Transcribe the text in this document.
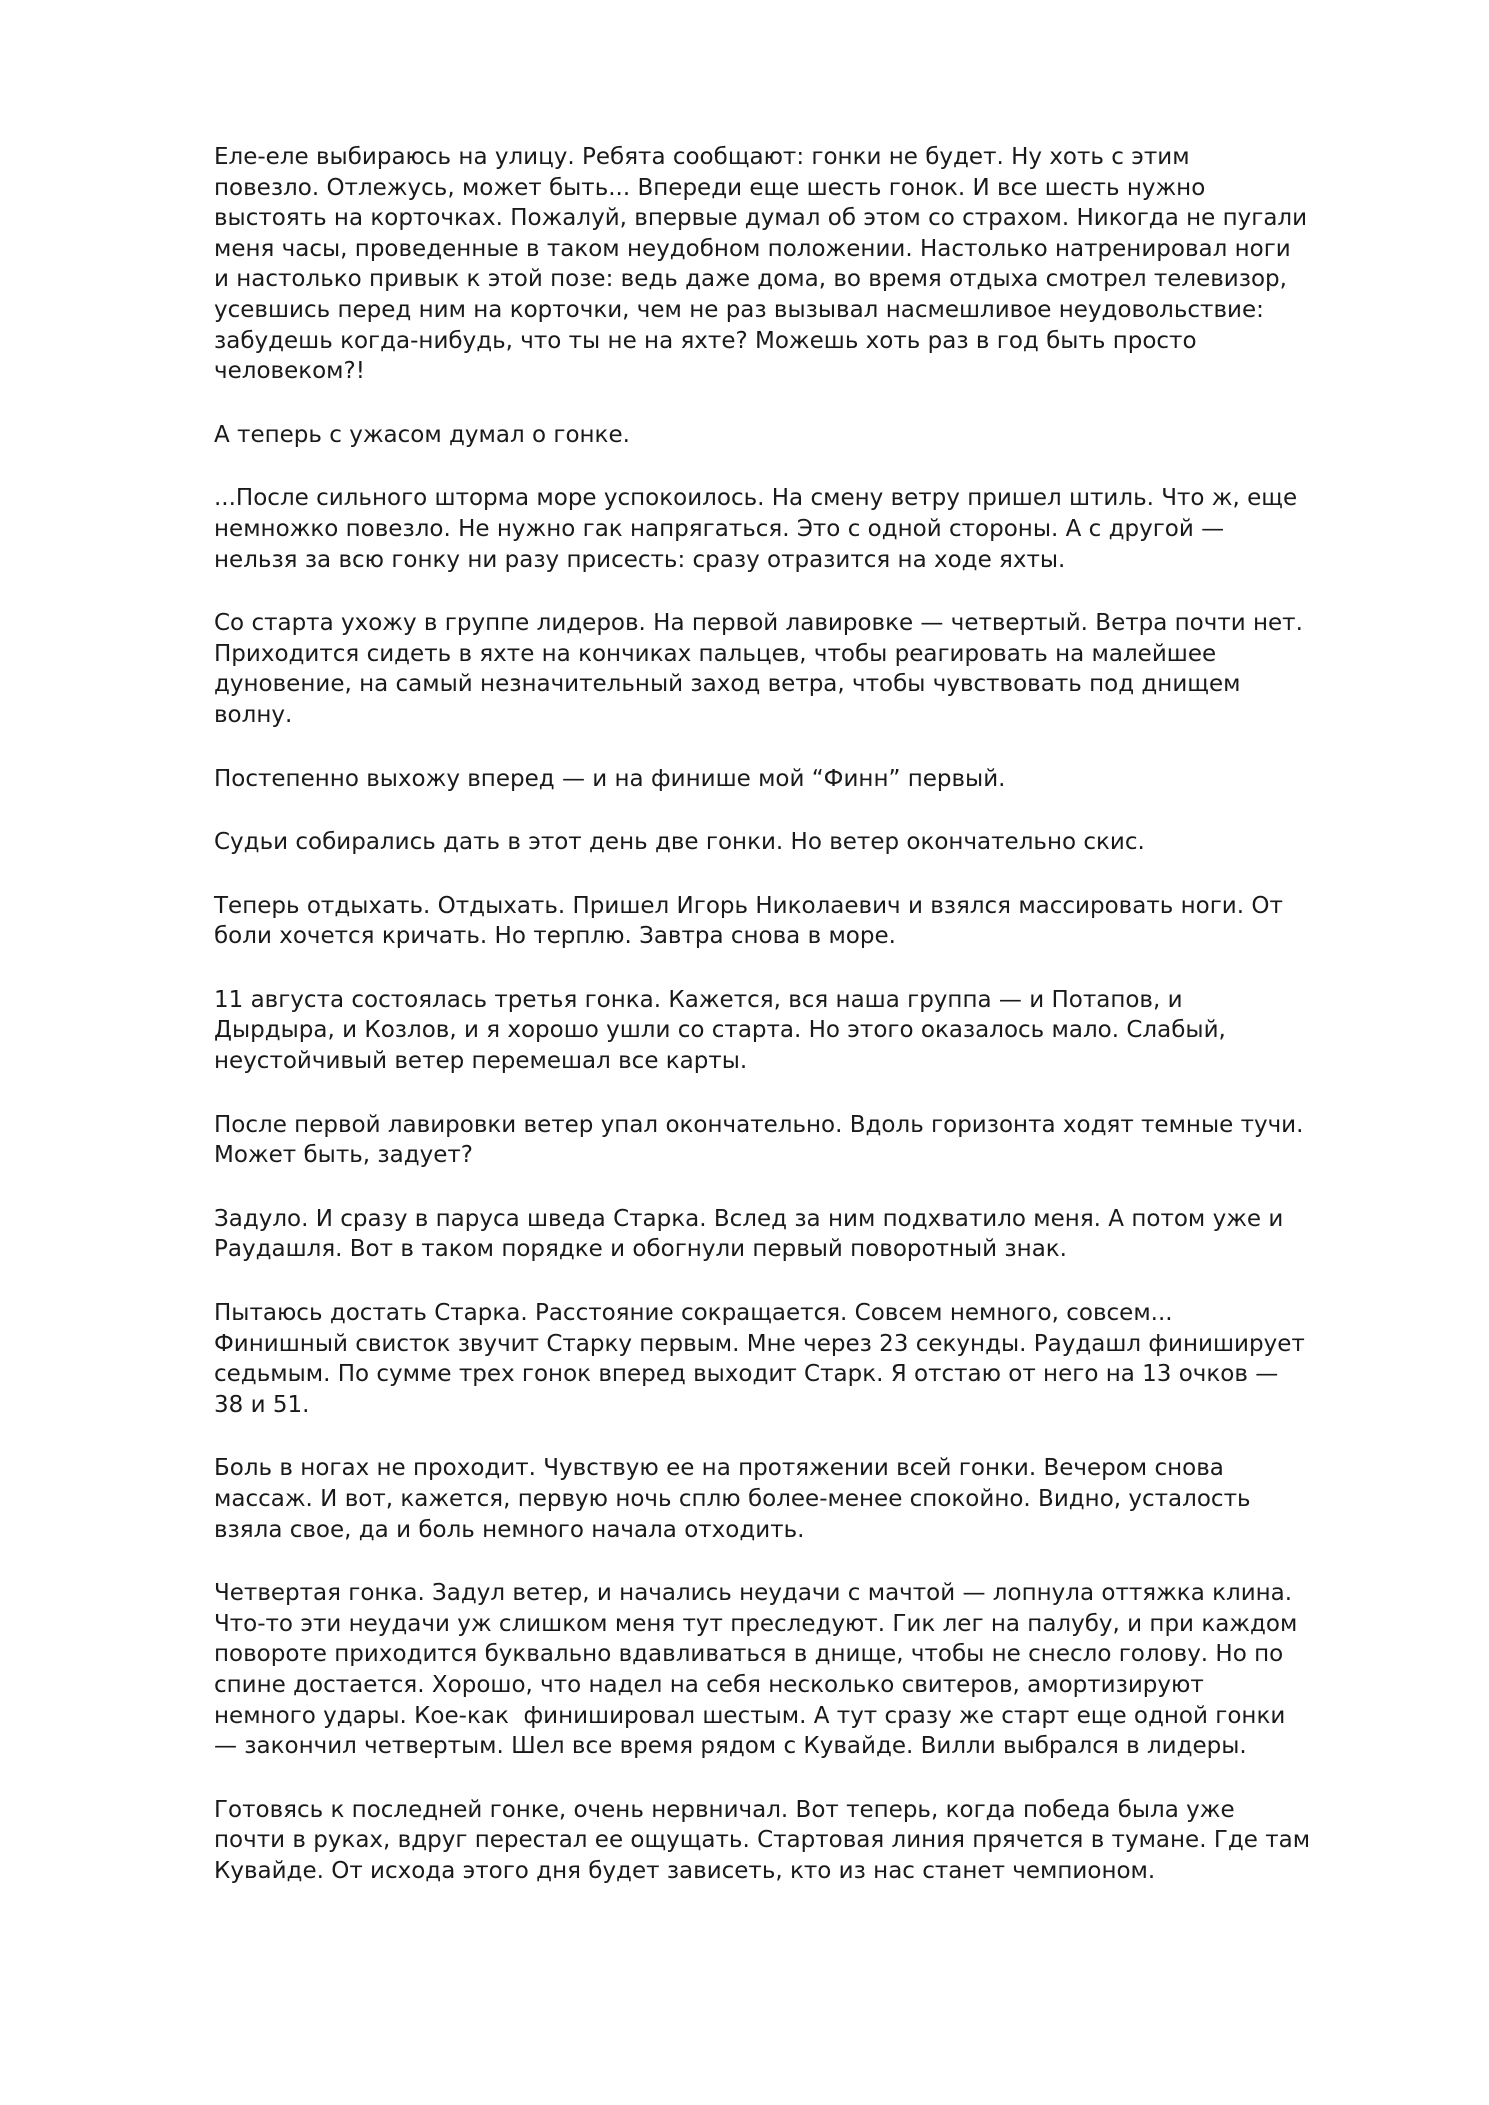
Еле-еле выбираюсь на улицу. Ребята сообщают: гонки не будет. Ну хоть с этим
повезло. Отлежусь, может быть... Впереди еще шесть гонок. И все шесть нужно
выстоять на корточках. Пожалуй, впервые думал об этом со страхом. Никогда не пугали
меня часы, проведенные в таком неудобном положении. Настолько натренировал ноги
и настолько привык к этой позе: ведь даже дома, во время отдыха смотрел телевизор,
усевшись перед ним на корточки, чем не раз вызывал насмешливое неудовольствие:
забудешь когда-нибудь, что ты не на яхте? Можешь хоть раз в год быть просто
человеком?!
А теперь с ужасом думал о гонке.
...После сильного шторма море успокоилось. На смену ветру пришел штиль. Что ж, еще
немножко повезло. Не нужно гак напрягаться. Это с одной стороны. А с другой —
нельзя за всю гонку ни разу присесть: сразу отразится на ходе яхты.
Со старта ухожу в группе лидеров. На первой лавировке — четвертый. Ветра почти нет.
Приходится сидеть в яхте на кончиках пальцев, чтобы реагировать на малейшее
дуновение, на самый незначительный заход ветра, чтобы чувствовать под днищем
волну.
Постепенно выхожу вперед — и на финише мой “Финн” первый.
Судьи собирались дать в этот день две гонки. Но ветер окончательно скис.
Теперь отдыхать. Отдыхать. Пришел Игорь Николаевич и взялся массировать ноги. От
боли хочется кричать. Но терплю. Завтра снова в море.
11 августа состоялась третья гонка. Кажется, вся наша группа — и Потапов, и
Дырдыра, и Козлов, и я хорошо ушли со старта. Но этого оказалось мало. Слабый,
неустойчивый ветер перемешал все карты.
После первой лавировки ветер упал окончательно. Вдоль горизонта ходят темные тучи.
Может быть, задует?
Задуло. И сразу в паруса шведа Старка. Вслед за ним подхватило меня. А потом уже и
Раудашля. Вот в таком порядке и обогнули первый поворотный знак.
Пытаюсь достать Старка. Расстояние сокращается. Совсем немного, совсем...
Финишный свисток звучит Старку первым. Мне через 23 секунды. Раудашл финиширует
седьмым. По сумме трех гонок вперед выходит Старк. Я отстаю от него на 13 очков —
38 и 51.
Боль в ногах не проходит. Чувствую ее на протяжении всей гонки. Вечером снова
массаж. И вот, кажется, первую ночь сплю более-менее спокойно. Видно, усталость
взяла свое, да и боль немного начала отходить.
Четвертая гонка. Задул ветер, и начались неудачи с мачтой — лопнула оттяжка клина.
Что-то эти неудачи уж слишком меня тут преследуют. Гик лег на палубу, и при каждом
повороте приходится буквально вдавливаться в днище, чтобы не снесло голову. Но по
спине достается. Хорошо, что надел на себя несколько свитеров, амортизируют
немного удары. Кое-как  финишировал шестым. А тут сразу же старт еще одной гонки
— закончил четвертым. Шел все время рядом с Кувайде. Вилли выбрался в лидеры.
Готовясь к последней гонке, очень нервничал. Вот теперь, когда победа была уже
почти в руках, вдруг перестал ее ощущать. Стартовая линия прячется в тумане. Где там
Кувайде. От исхода этого дня будет зависеть, кто из нас станет чемпионом.
